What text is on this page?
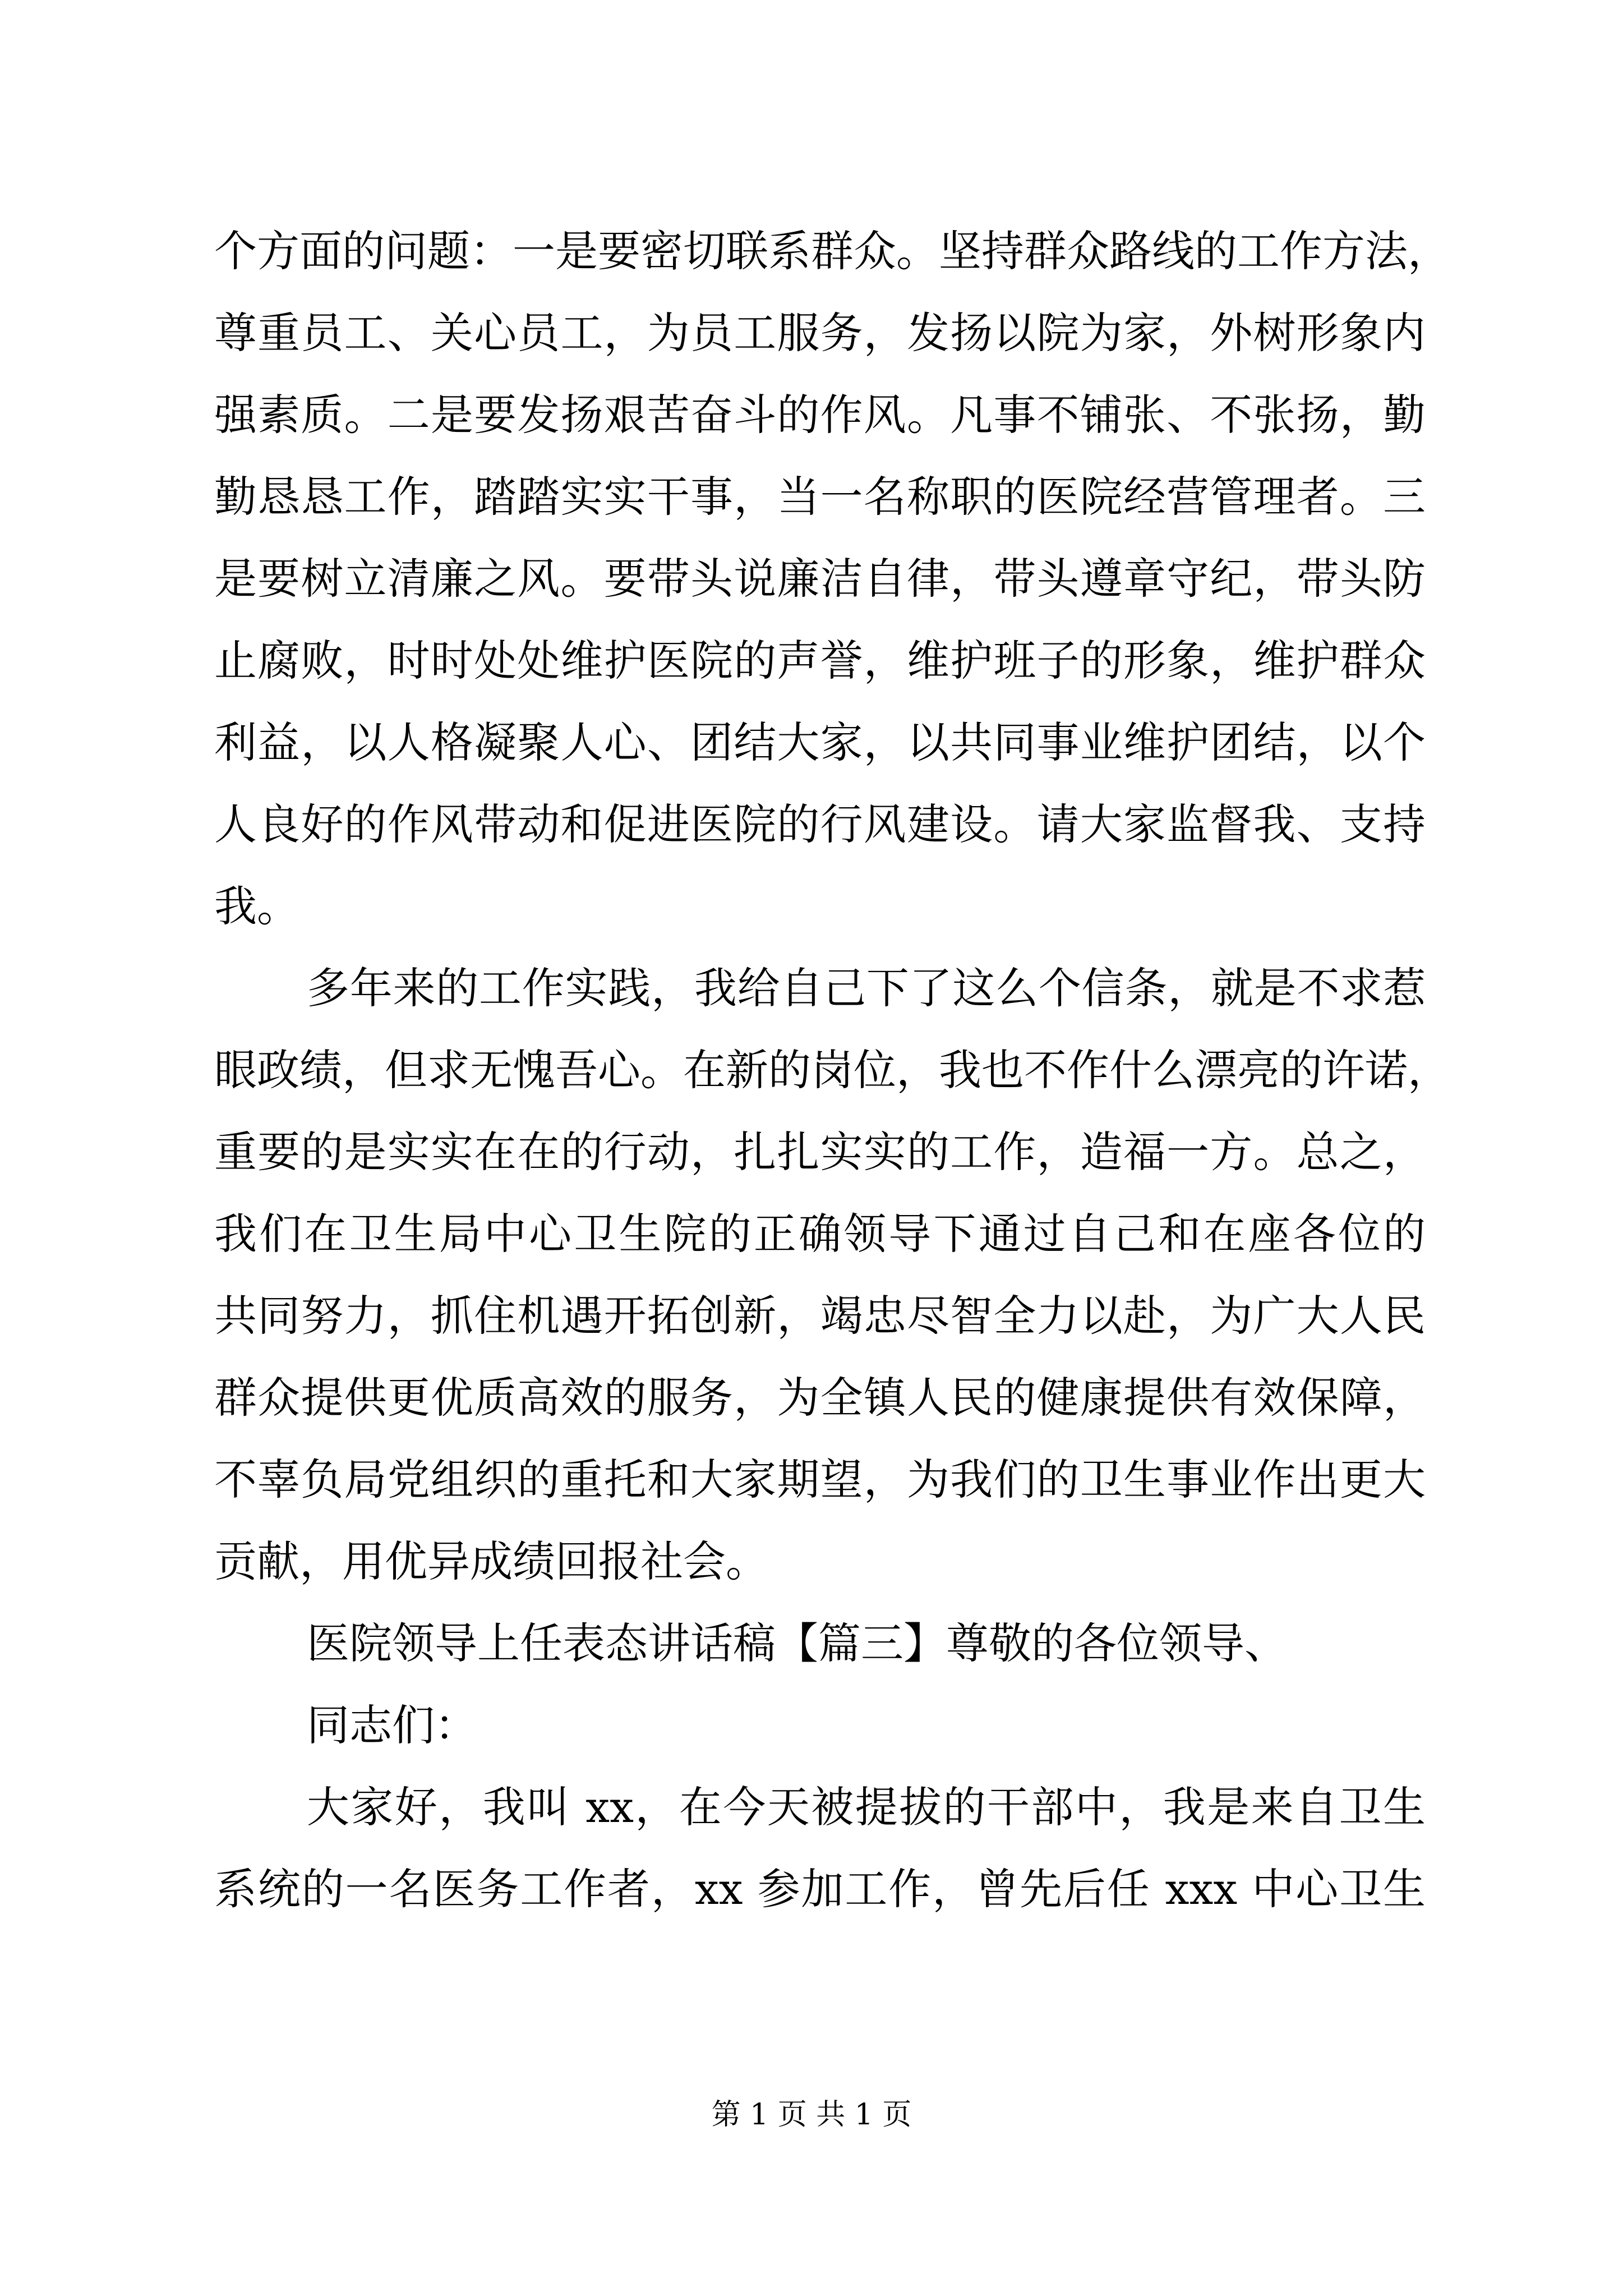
个方面的问题：一是要密切联系群众。坚持群众路线的工作方法，
尊重员工、关心员工，为员工服务，发扬以院为家，外树形象内
强素质。二是要发扬艰苦奋斗的作风。凡事不铺张、不张扬，勤
勤恳恳工作，踏踏实实干事，当一名称职的医院经营管理者。三
是要树立清廉之风。要带头说廉洁自律，带头遵章守纪，带头防
止腐败，时时处处维护医院的声誉，维护班子的形象，维护群众
利益，以人格凝聚人心、团结大家，以共同事业维护团结，以个
人良好的作风带动和促进医院的行风建设。请大家监督我、支持
我。
多年来的工作实践，我给自己下了这么个信条，就是不求惹
眼政绩，但求无愧吾心。在新的岗位，我也不作什么漂亮的许诺，
重要的是实实在在的行动，扎扎实实的工作，造福一方。总之，
我们在卫生局中心卫生院的正确领导下通过自己和在座各位的
共同努力，抓住机遇开拓创新，竭忠尽智全力以赴，为广大人民
群众提供更优质高效的服务，为全镇人民的健康提供有效保障，
不辜负局党组织的重托和大家期望，为我们的卫生事业作出更大
贡献，用优异成绩回报社会。
医院领导上任表态讲话稿【篇三】尊敬的各位领导、
同志们：
大家好，我叫 xx，在今天被提拔的干部中，我是来自卫生
系统的一名医务工作者，xx 参加工作，曾先后任 xxx 中心卫生
第 1 页 共 1 页
